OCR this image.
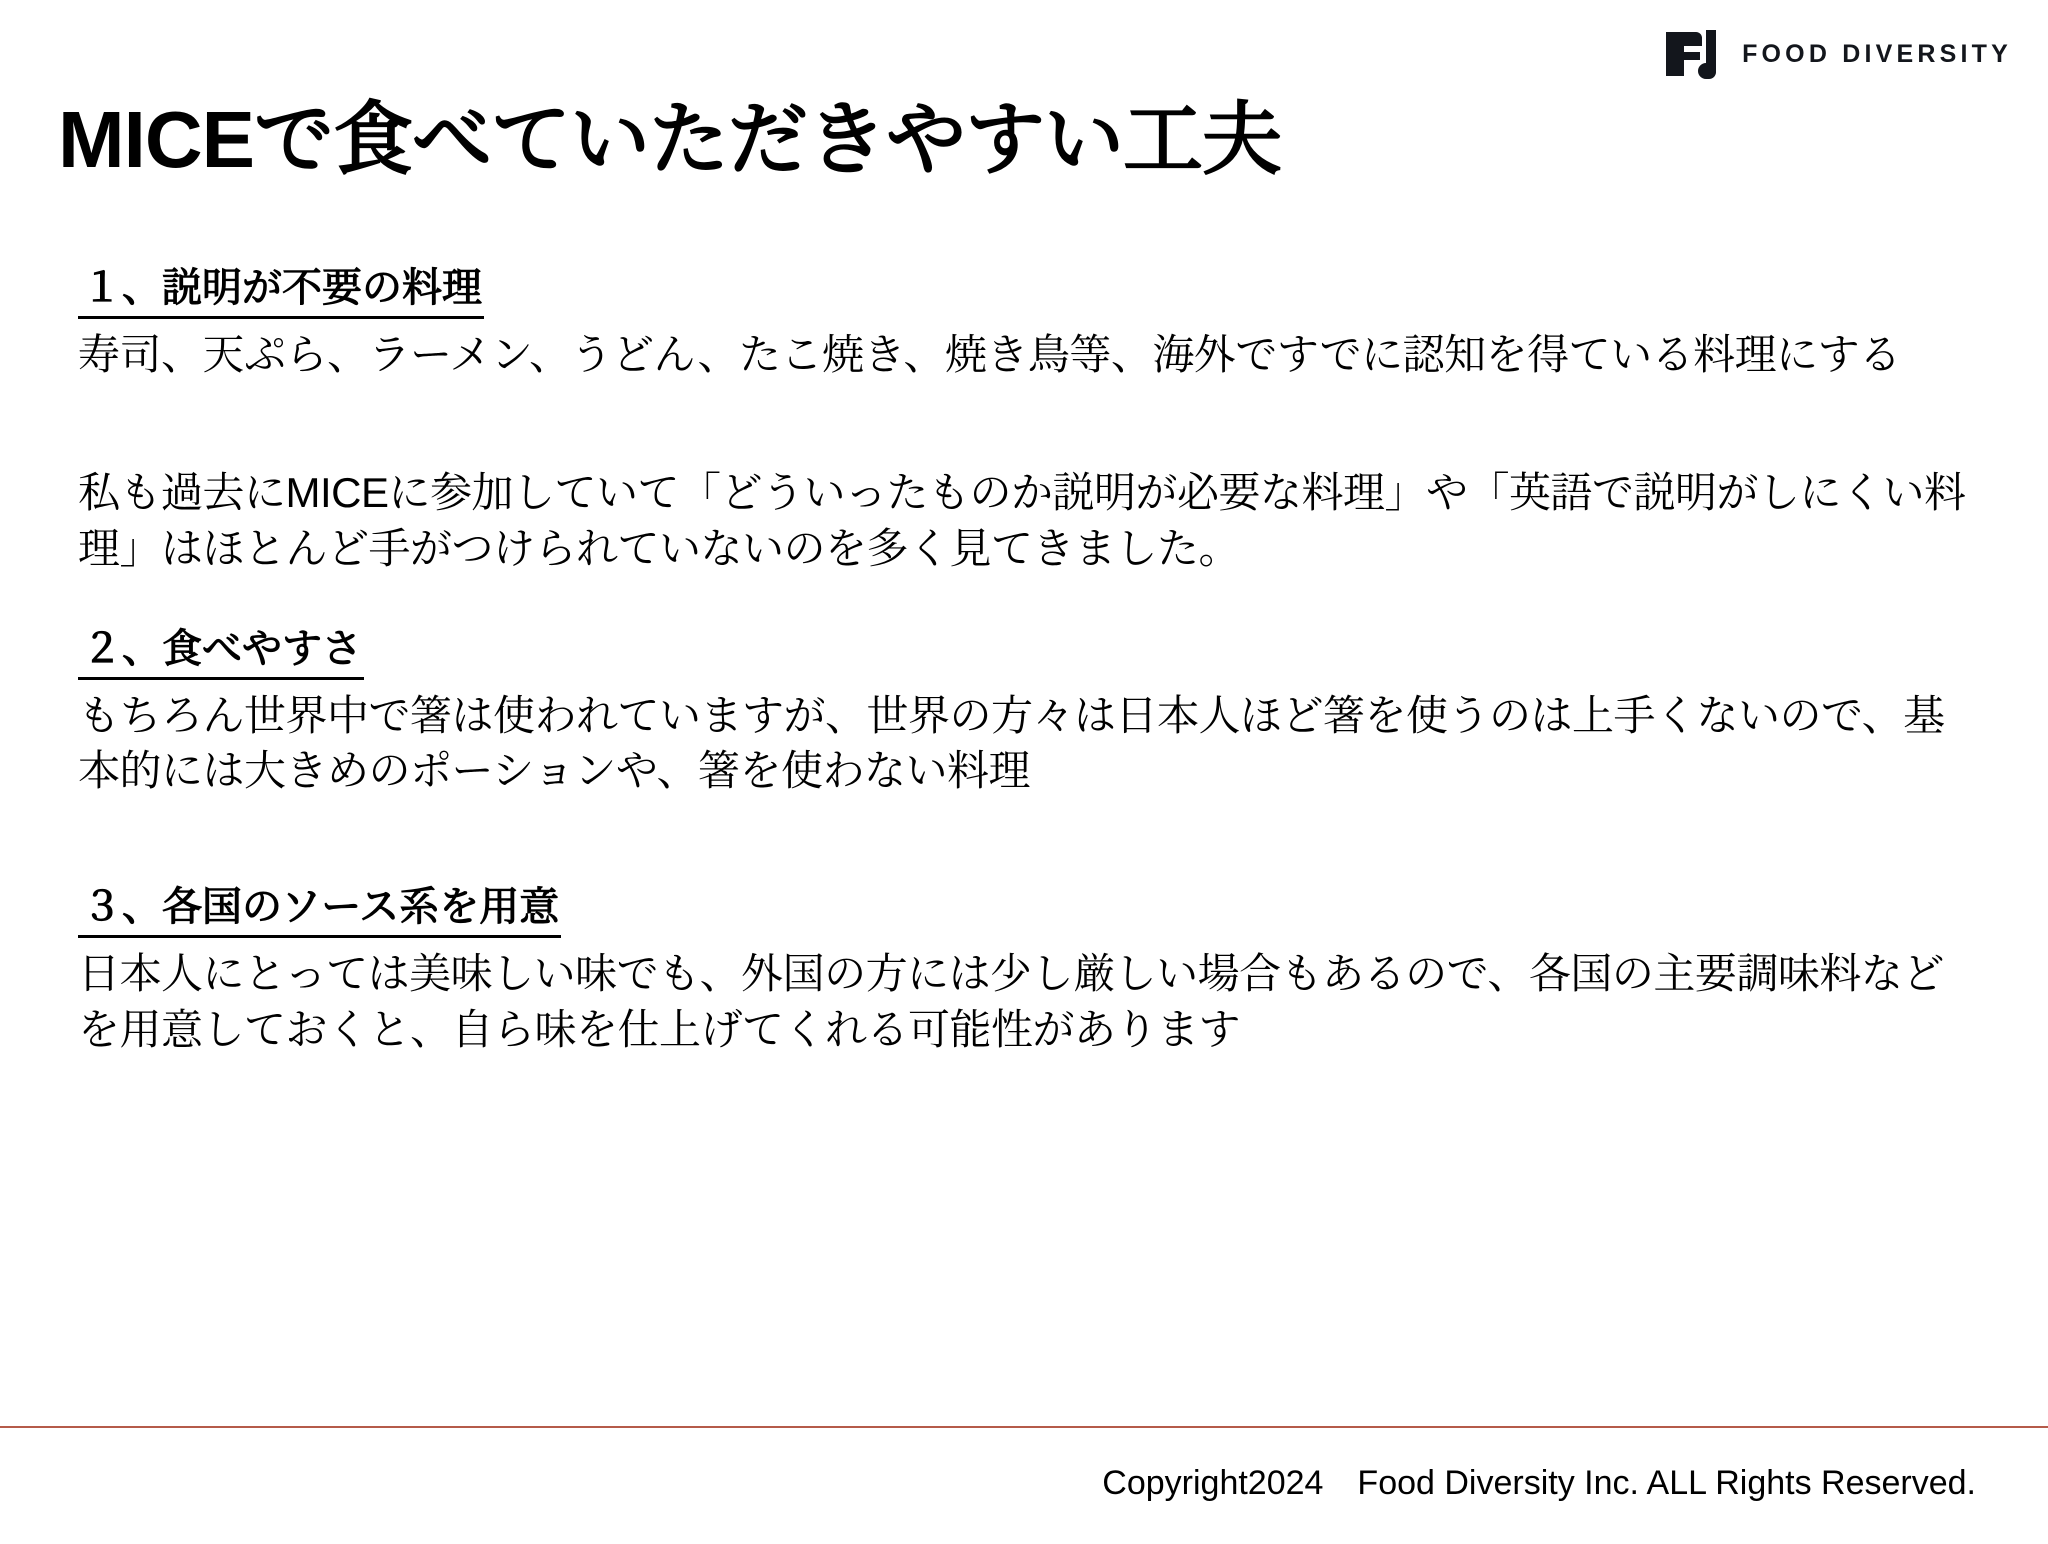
FOOD DIVERSITY
MICEで食べていただきやすい工夫
１、説明が不要の料理
寿司、天ぷら、ラーメン、うどん、たこ焼き、焼き鳥等、海外ですでに認知を得ている料理にする

私も過去にMICEに参加していて「どういったものか説明が必要な料理」や「英語で説明がしにくい料理」はほとんど手がつけられていないのを多く見てきました。

２、食べやすさ
もちろん世界中で箸は使われていますが、世界の方々は日本人ほど箸を使うのは上手くないので、基本的には大きめのポーションや、箸を使わない料理
３、各国のソース系を用意
日本人にとっては美味しい味でも、外国の方には少し厳しい場合もあるので、各国の主要調味料などを用意しておくと、自ら味を仕上げてくれる可能性があります
Copyright2024　Food Diversity Inc. ALL Rights Reserved.
